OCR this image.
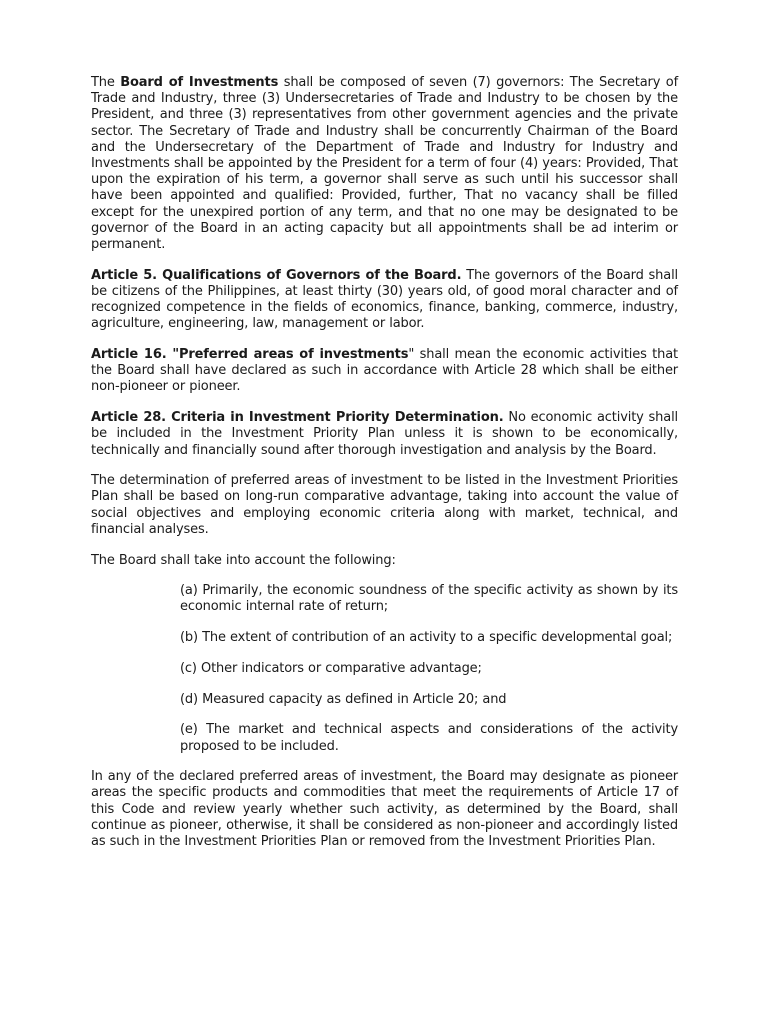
The Board of Investments shall be composed of seven (7) governors: The Secretary of Trade and Industry, three (3) Undersecretaries of Trade and Industry to be chosen by the President, and three (3) representatives from other government agencies and the private sector. The Secretary of Trade and Industry shall be concurrently Chairman of the Board and the Undersecretary of the Department of Trade and Industry for Industry and Investments shall be appointed by the President for a term of four (4) years: Provided, That upon the expiration of his term, a governor shall serve as such until his successor shall have been appointed and qualified: Provided, further, That no vacancy shall be filled except for the unexpired portion of any term, and that no one may be designated to be governor of the Board in an acting capacity but all appointments shall be ad interim or permanent.

Article 5. Qualifications of Governors of the Board. The governors of the Board shall be citizens of the Philippines, at least thirty (30) years old, of good moral character and of recognized competence in the fields of economics, finance, banking, commerce, industry, agriculture, engineering, law, management or labor.

Article 16. "Preferred areas of investments" shall mean the economic activities that the Board shall have declared as such in accordance with Article 28 which shall be either non-pioneer or pioneer.

Article 28. Criteria in Investment Priority Determination. No economic activity shall be included in the Investment Priority Plan unless it is shown to be economically, technically and financially sound after thorough investigation and analysis by the Board.

The determination of preferred areas of investment to be listed in the Investment Priorities Plan shall be based on long-run comparative advantage, taking into account the value of social objectives and employing economic criteria along with market, technical, and financial analyses.

The Board shall take into account the following:

(a) Primarily, the economic soundness of the specific activity as shown by its economic internal rate of return;

(b) The extent of contribution of an activity to a specific developmental goal;

(c) Other indicators or comparative advantage;

(d) Measured capacity as defined in Article 20; and

(e) The market and technical aspects and considerations of the activity proposed to be included.

In any of the declared preferred areas of investment, the Board may designate as pioneer areas the specific products and commodities that meet the requirements of Article 17 of this Code and review yearly whether such activity, as determined by the Board, shall continue as pioneer, otherwise, it shall be considered as non-pioneer and accordingly listed as such in the Investment Priorities Plan or removed from the Investment Priorities Plan.
